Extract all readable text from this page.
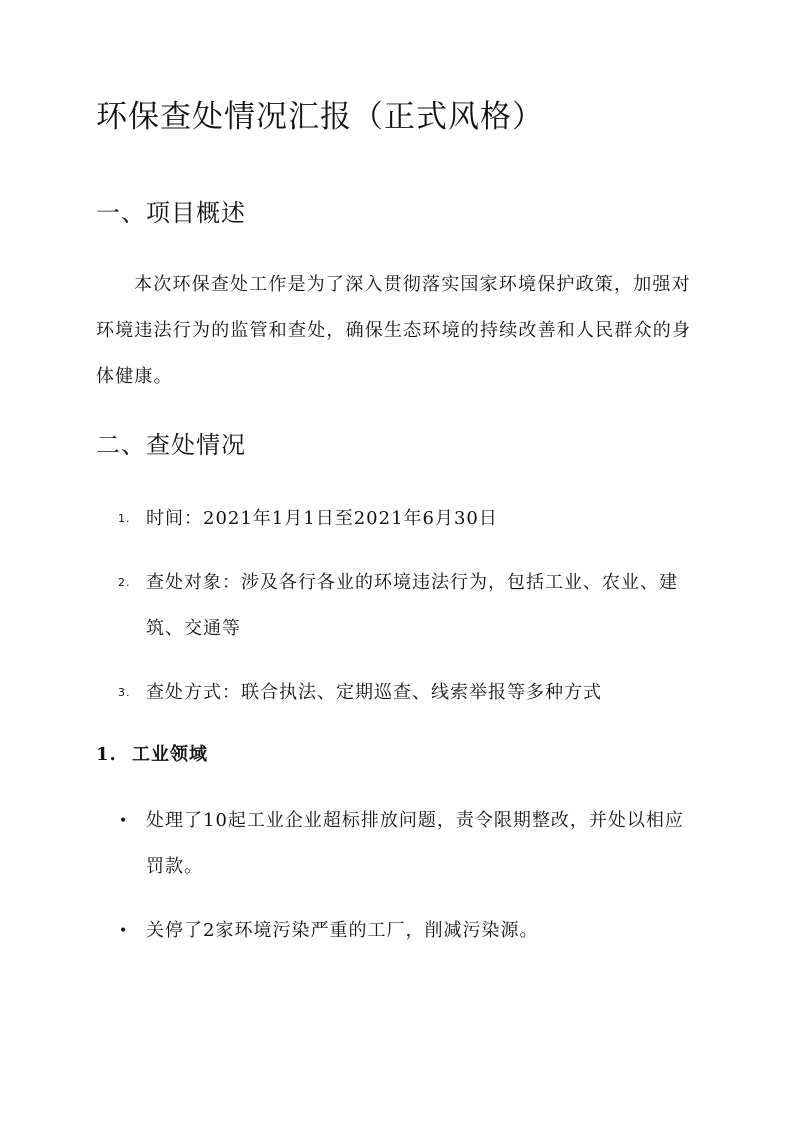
环保查处情况汇报（正式风格）
一、项目概述
本次环保查处工作是为了深入贯彻落实国家环境保护政策，加强对环境违法行为的监管和查处，确保生态环境的持续改善和人民群众的身体健康。
二、查处情况
1. 时间：2021年1月1日至2021年6月30日
2. 查处对象：涉及各行各业的环境违法行为，包括工业、农业、建筑、交通等
3. 查处方式：联合执法、定期巡查、线索举报等多种方式
1. 工业领域
• 处理了10起工业企业超标排放问题，责令限期整改，并处以相应罚款。
• 关停了2家环境污染严重的工厂，削减污染源。
